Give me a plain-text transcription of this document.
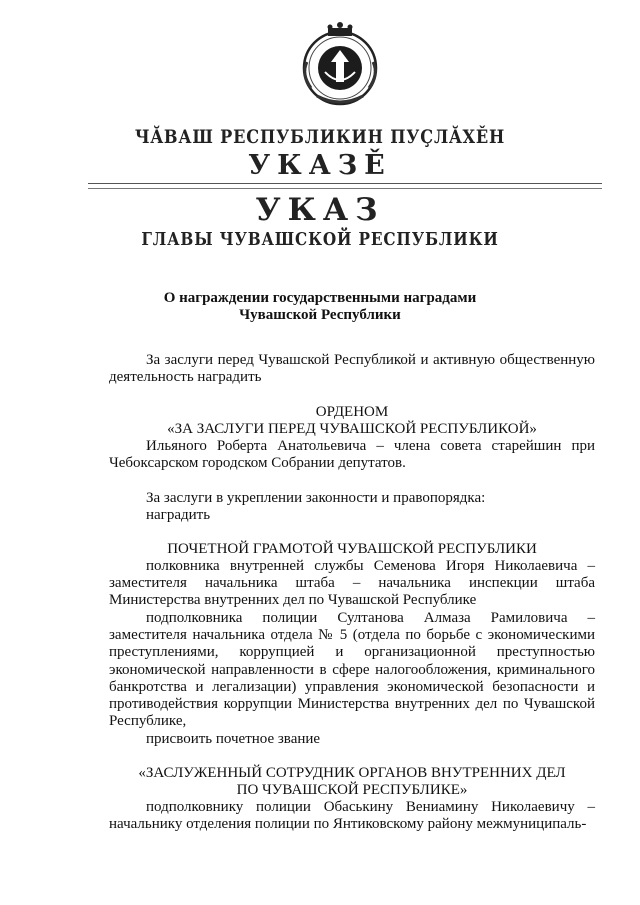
ЧĂВАШ РЕСПУБЛИКИН ПУÇЛĂХĚН
УКАЗĚ
УКАЗ
ГЛАВЫ ЧУВАШСКОЙ РЕСПУБЛИКИ
О награждении государственными наградами
Чувашской Республики
За заслуги перед Чувашской Республикой и активную общественную деятельность наградить
ОРДЕНОМ
«ЗА ЗАСЛУГИ ПЕРЕД ЧУВАШСКОЙ РЕСПУБЛИКОЙ»
Ильяного Роберта Анатольевича – члена совета старейшин при Чебоксарском городском Собрании депутатов.
За заслуги в укреплении законности и правопорядка:
наградить
ПОЧЕТНОЙ ГРАМОТОЙ ЧУВАШСКОЙ РЕСПУБЛИКИ
полковника внутренней службы Семенова Игоря Николаевича – заместителя начальника штаба – начальника инспекции штаба Министерства внутренних дел по Чувашской Республике
подполковника полиции Султанова Алмаза Рамиловича – заместителя начальника отдела № 5 (отдела по борьбе с экономическими преступлениями, коррупцией и организационной преступностью экономической направленности в сфере налогообложения, криминального банкротства и легализации) управления экономической безопасности и противодействия коррупции Министерства внутренних дел по Чувашской Республике,
присвоить почетное звание
«ЗАСЛУЖЕННЫЙ СОТРУДНИК ОРГАНОВ ВНУТРЕННИХ ДЕЛ
ПО ЧУВАШСКОЙ РЕСПУБЛИКЕ»
подполковнику полиции Обаськину Вениамину Николаевичу – начальнику отделения полиции по Янтиковскому району межмуниципаль-
